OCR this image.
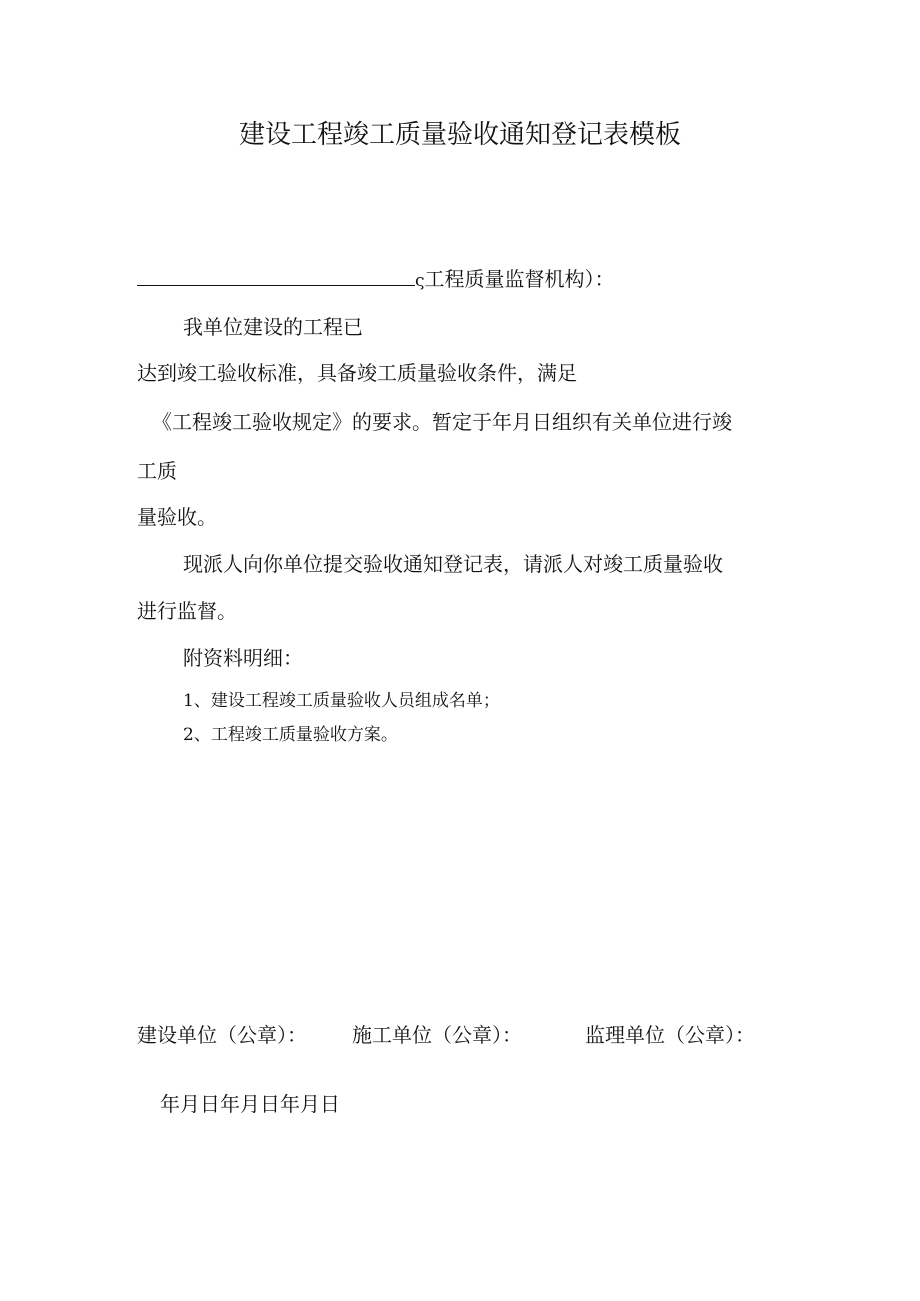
建设工程竣工质量验收通知登记表模板
ς工程质量监督机构）：
我单位建设的工程已
达到竣工验收标准，具备竣工质量验收条件，满足
《工程竣工验收规定》的要求。暂定于年月日组织有关单位进行竣
工质
量验收。
现派人向你单位提交验收通知登记表，请派人对竣工质量验收
进行监督。
附资料明细：
1、建设工程竣工质量验收人员组成名单；
2、工程竣工质量验收方案。
建设单位（公章）： 施工单位（公章）：	监理单位（公章）：
年月日年月日年月日
